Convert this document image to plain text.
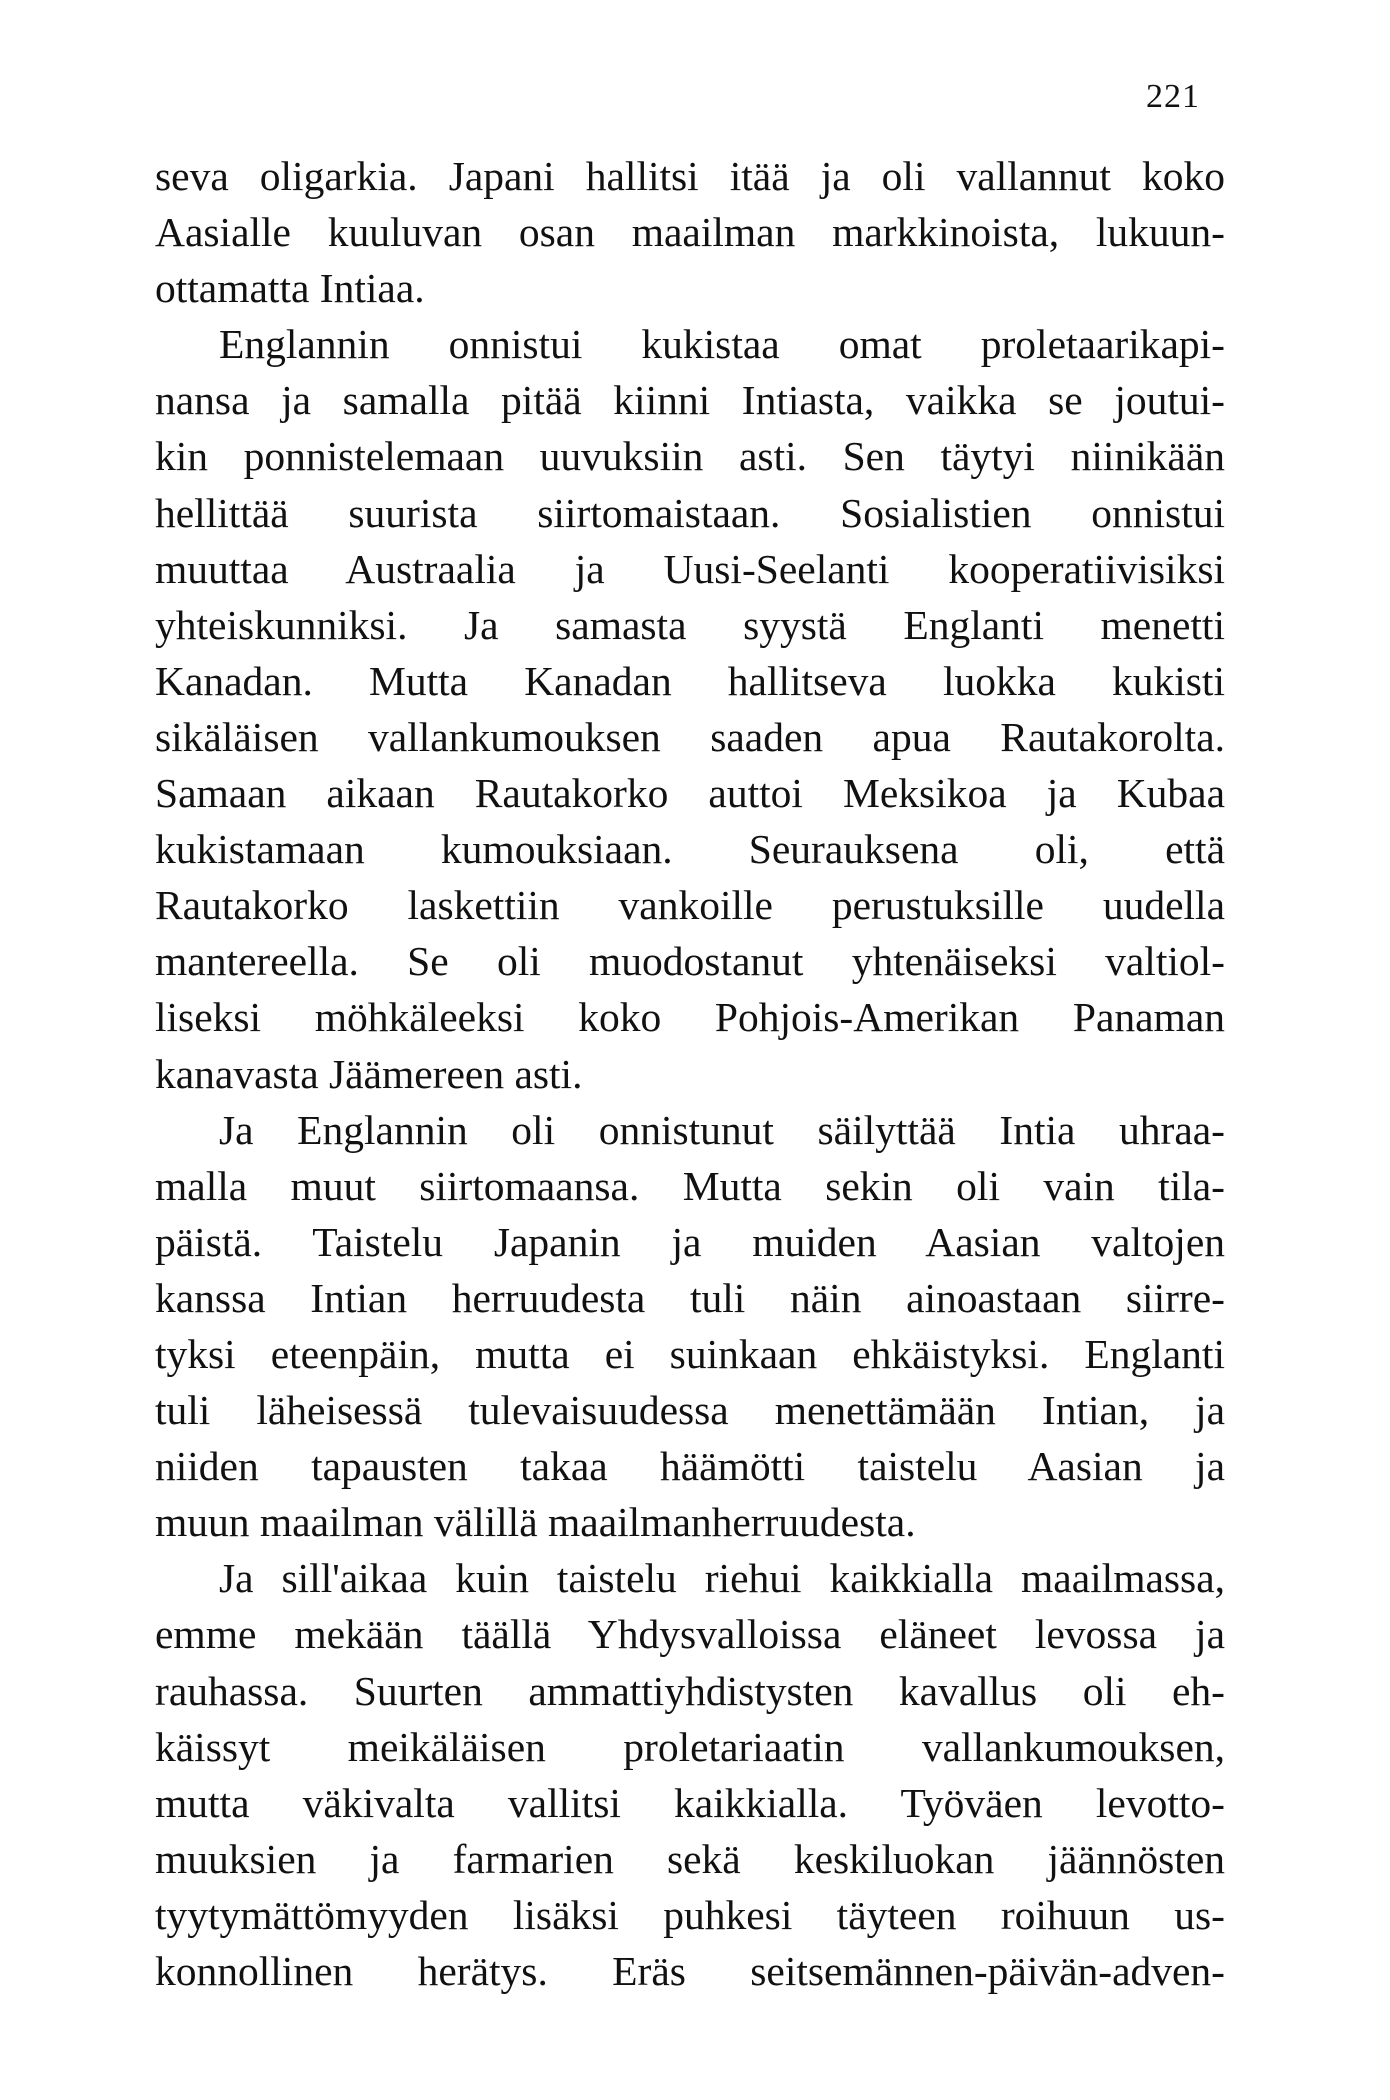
221
seva oligarkia. Japani hallitsi itää ja oli vallannut koko
Aasialle kuuluvan osan maailman markkinoista, lukuun-
ottamatta Intiaa.
Englannin onnistui kukistaa omat proletaarikapi-
nansa ja samalla pitää kiinni Intiasta, vaikka se joutui-
kin ponnistelemaan uuvuksiin asti. Sen täytyi niinikään
hellittää suurista siirtomaistaan. Sosialistien onnistui
muuttaa Austraalia ja Uusi-Seelanti kooperatiivisiksi
yhteiskunniksi. Ja samasta syystä Englanti menetti
Kanadan. Mutta Kanadan hallitseva luokka kukisti
sikäläisen vallankumouksen saaden apua Rautakorolta.
Samaan aikaan Rautakorko auttoi Meksikoa ja Kubaa
kukistamaan kumouksiaan. Seurauksena oli, että
Rautakorko laskettiin vankoille perustuksille uudella
mantereella. Se oli muodostanut yhtenäiseksi valtiol-
liseksi möhkäleeksi koko Pohjois-Amerikan Panaman
kanavasta Jäämereen asti.
Ja Englannin oli onnistunut säilyttää Intia uhraa-
malla muut siirtomaansa. Mutta sekin oli vain tila-
päistä. Taistelu Japanin ja muiden Aasian valtojen
kanssa Intian herruudesta tuli näin ainoastaan siirre-
tyksi eteenpäin, mutta ei suinkaan ehkäistyksi. Englanti
tuli läheisessä tulevaisuudessa menettämään Intian, ja
niiden tapausten takaa häämötti taistelu Aasian ja
muun maailman välillä maailmanherruudesta.
Ja sill'aikaa kuin taistelu riehui kaikkialla maailmassa,
emme mekään täällä Yhdysvalloissa eläneet levossa ja
rauhassa. Suurten ammattiyhdistysten kavallus oli eh-
käissyt meikäläisen proletariaatin vallankumouksen,
mutta väkivalta vallitsi kaikkialla. Työväen levotto-
muuksien ja farmarien sekä keskiluokan jäännösten
tyytymättömyyden lisäksi puhkesi täyteen roihuun us-
konnollinen herätys. Eräs seitsemännen-päivän-adven-
